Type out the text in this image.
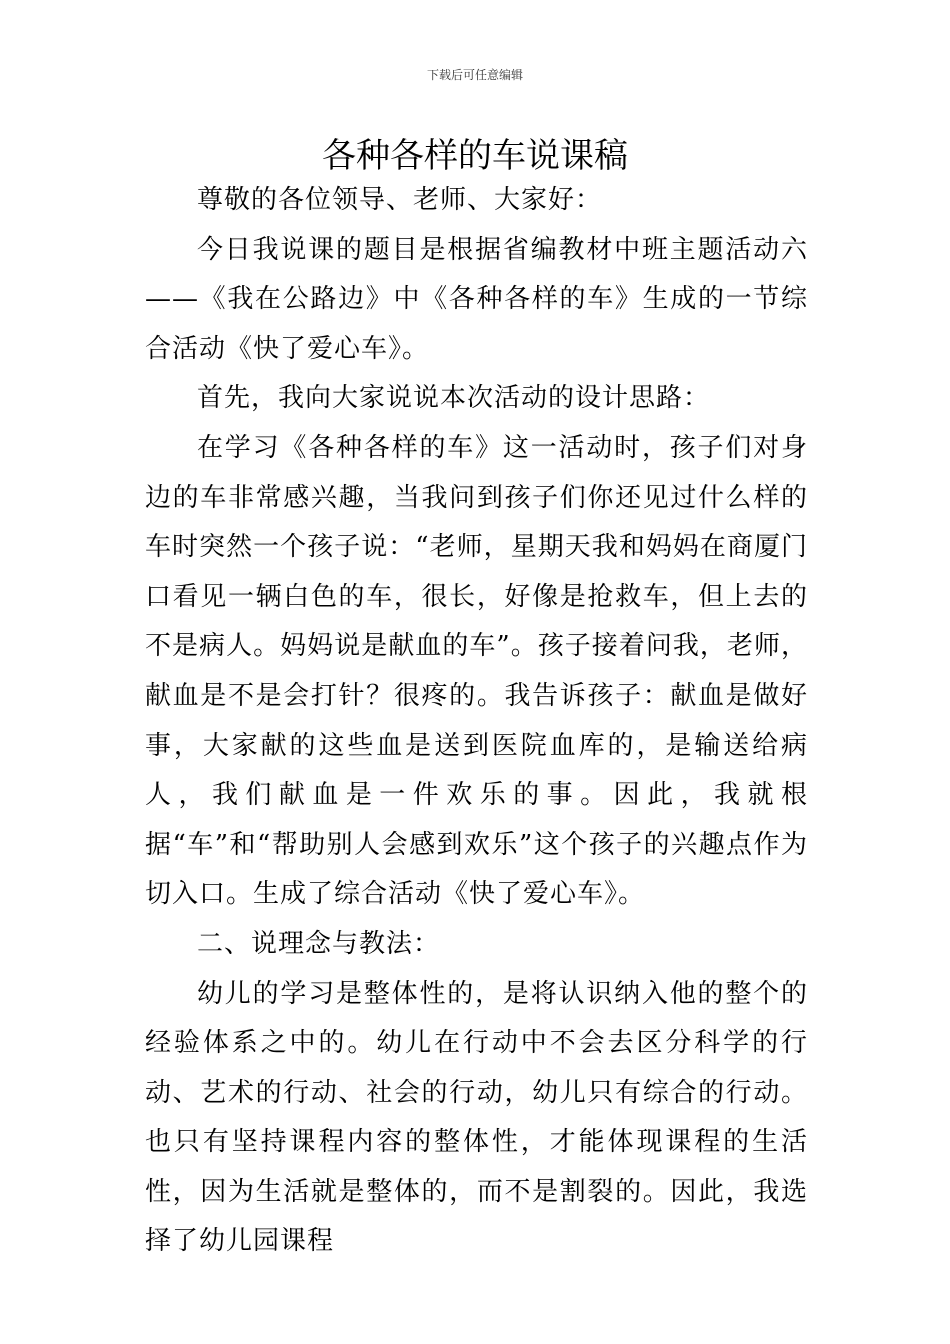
下载后可任意编辑
各种各样的车说课稿

尊敬的各位领导、老师、大家好：

今日我说课的题目是根据省编教材中班主题活动六——《我在公路边》中《各种各样的车》生成的一节综合活动《快了爱心车》。

首先，我向大家说说本次活动的设计思路：

在学习《各种各样的车》这一活动时，孩子们对身边的车非常感兴趣，当我问到孩子们你还见过什么样的车时突然一个孩子说：“老师，星期天我和妈妈在商厦门口看见一辆白色的车，很长，好像是抢救车，但上去的不是病人。妈妈说是献血的车”。孩子接着问我，老师，献血是不是会打针？很疼的。我告诉孩子：献血是做好事，大家献的这些血是送到医院血库的，是输送给病人，我们献血是一件欢乐的事。因此，我就根据“车”和“帮助别人会感到欢乐”这个孩子的兴趣点作为切入口。生成了综合活动《快了爱心车》。

二、说理念与教法：

幼儿的学习是整体性的，是将认识纳入他的整个的经验体系之中的。幼儿在行动中不会去区分科学的行动、艺术的行动、社会的行动，幼儿只有综合的行动。也只有坚持课程内容的整体性，才能体现课程的生活性，因为生活就是整体的，而不是割裂的。因此，我选择了幼儿园课程
